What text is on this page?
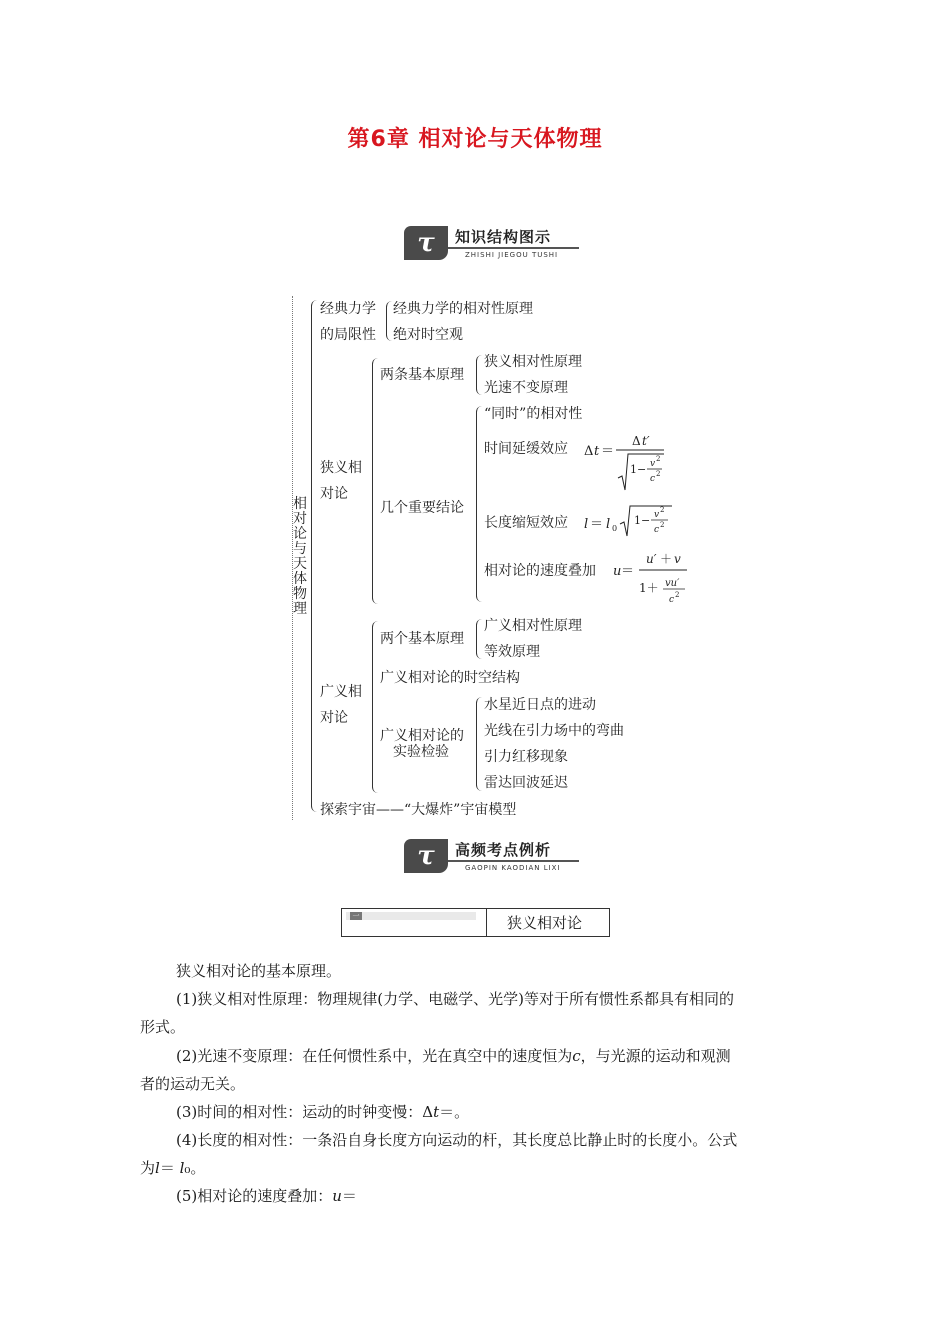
第6章 相对论与天体物理
τ	知识结构图示
ZHISHI JIEGOU TUSHI
相对论与天体物理
经典力学
的局限性
经典力学的相对性原理
绝对时空观
狭义相
对论
两条基本原理
狭义相对性原理
光速不变原理
几个重要结论
“同时”的相对性
时间延缓效应 Δ t ＝
Δ t′
1− v 2
c 2
长度缩短效应 l ＝ l 0
1− v 2
c 2
相对论的速度叠加 u ＝
u′ ＋ v
1＋ vu′
c 2
广义相
对论
两个基本原理
广义相对性原理
等效原理
广义相对论的时空结构
广义相对论的
实验检验
水星近日点的进动
光线在引力场中的弯曲
引力红移现象
雷达回波延迟
探索宇宙——“大爆炸”宇宙模型
τ	高频考点例析
GAOPIN KAODIAN LIXI
一	狭义相对论
狭义相对论的基本原理。
(1)狭义相对性原理：物理规律(力学、电磁学、光学)等对于所有惯性系都具有相同的
形式。
(2)光速不变原理：在任何惯性系中，光在真空中的速度恒为c，与光源的运动和观测
者的运动无关。
(3)时间的相对性：运动的时钟变慢：Δt＝。
(4)长度的相对性：一条沿自身长度方向运动的杆，其长度总比静止时的长度小。公式
为l＝ l₀。
(5)相对论的速度叠加：u＝
